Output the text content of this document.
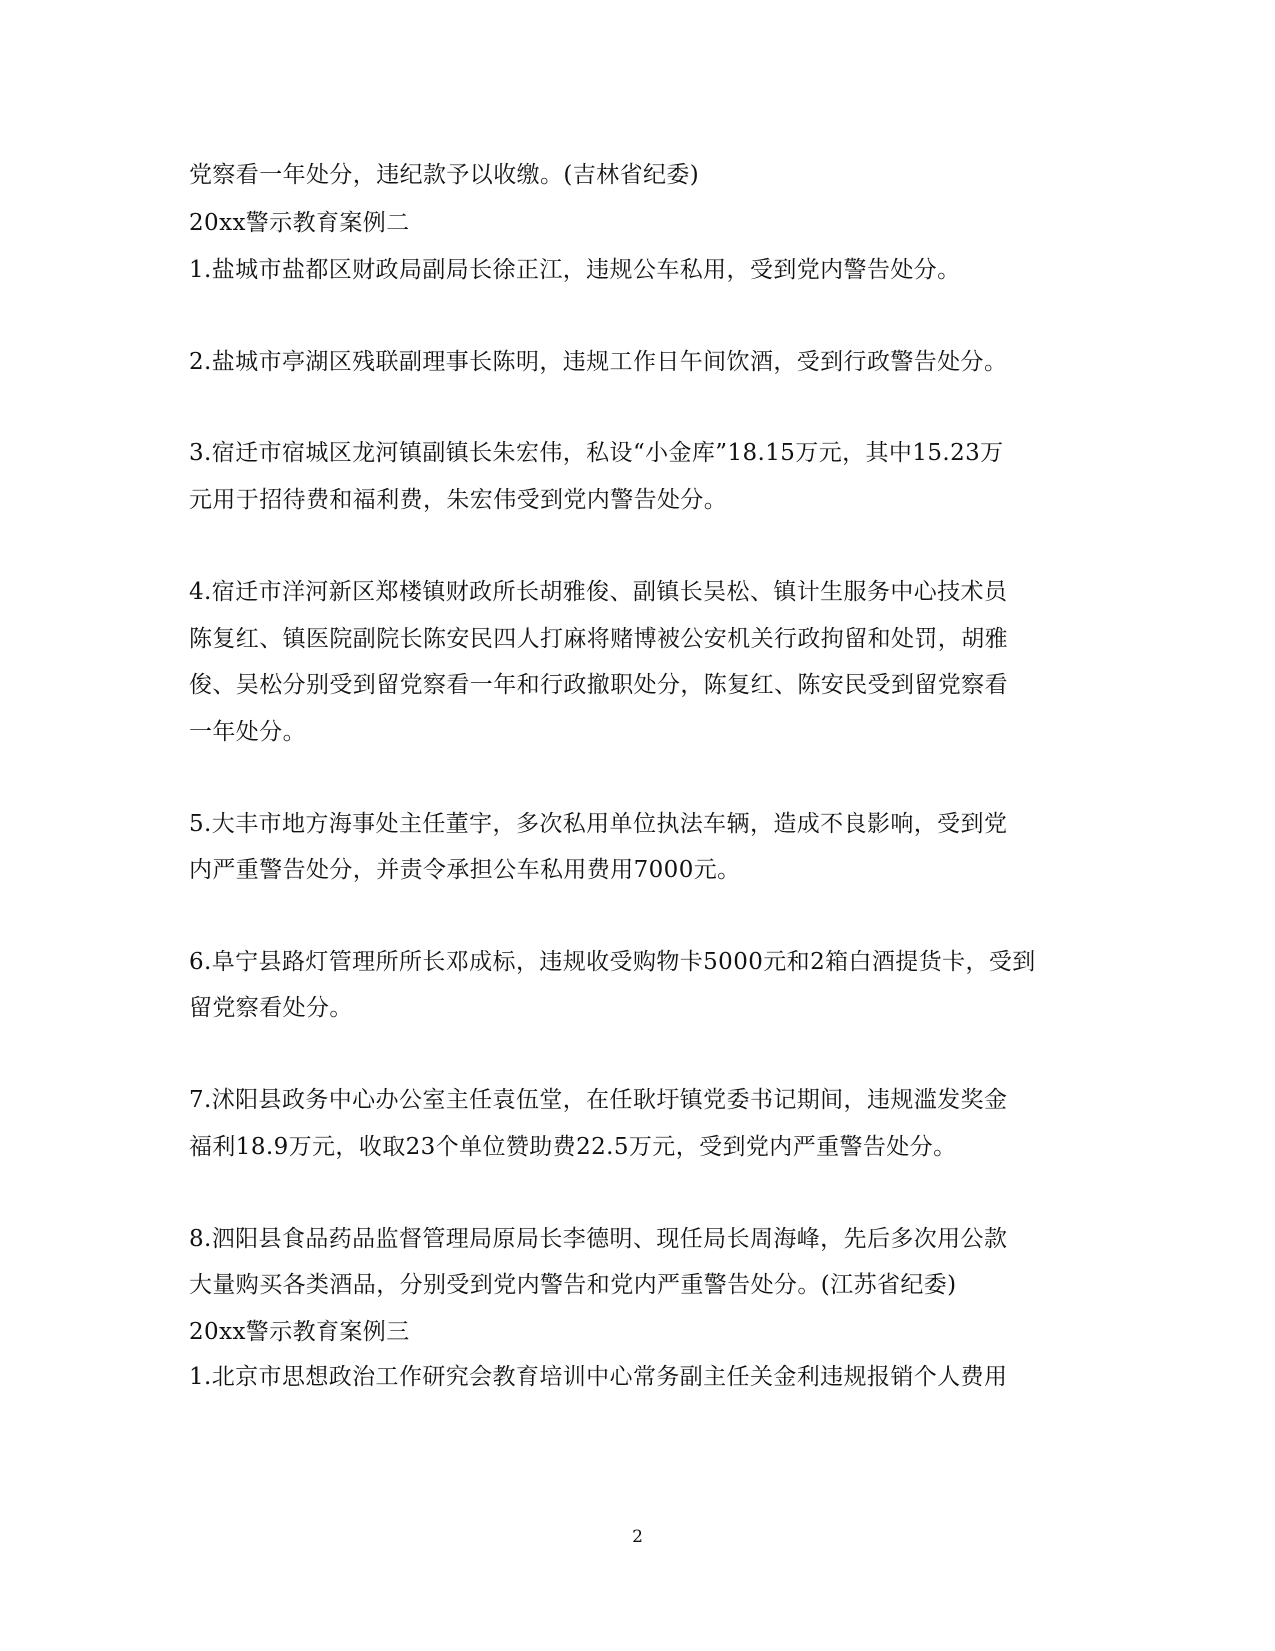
党察看一年处分，违纪款予以收缴。(吉林省纪委)
20xx警示教育案例二
1.盐城市盐都区财政局副局长徐正江，违规公车私用，受到党内警告处分。
2.盐城市亭湖区残联副理事长陈明，违规工作日午间饮酒，受到行政警告处分。
3.宿迁市宿城区龙河镇副镇长朱宏伟，私设“小金库”18.15万元，其中15.23万
元用于招待费和福利费，朱宏伟受到党内警告处分。
4.宿迁市洋河新区郑楼镇财政所长胡雅俊、副镇长吴松、镇计生服务中心技术员
陈复红、镇医院副院长陈安民四人打麻将赌博被公安机关行政拘留和处罚，胡雅
俊、吴松分别受到留党察看一年和行政撤职处分，陈复红、陈安民受到留党察看
一年处分。
5.大丰市地方海事处主任董宇，多次私用单位执法车辆，造成不良影响，受到党
内严重警告处分，并责令承担公车私用费用7000元。
6.阜宁县路灯管理所所长邓成标，违规收受购物卡5000元和2箱白酒提货卡，受到
留党察看处分。
7.沭阳县政务中心办公室主任袁伍堂，在任耿圩镇党委书记期间，违规滥发奖金
福利18.9万元，收取23个单位赞助费22.5万元，受到党内严重警告处分。
8.泗阳县食品药品监督管理局原局长李德明、现任局长周海峰，先后多次用公款
大量购买各类酒品，分别受到党内警告和党内严重警告处分。(江苏省纪委)
20xx警示教育案例三
1.北京市思想政治工作研究会教育培训中心常务副主任关金利违规报销个人费用
2
